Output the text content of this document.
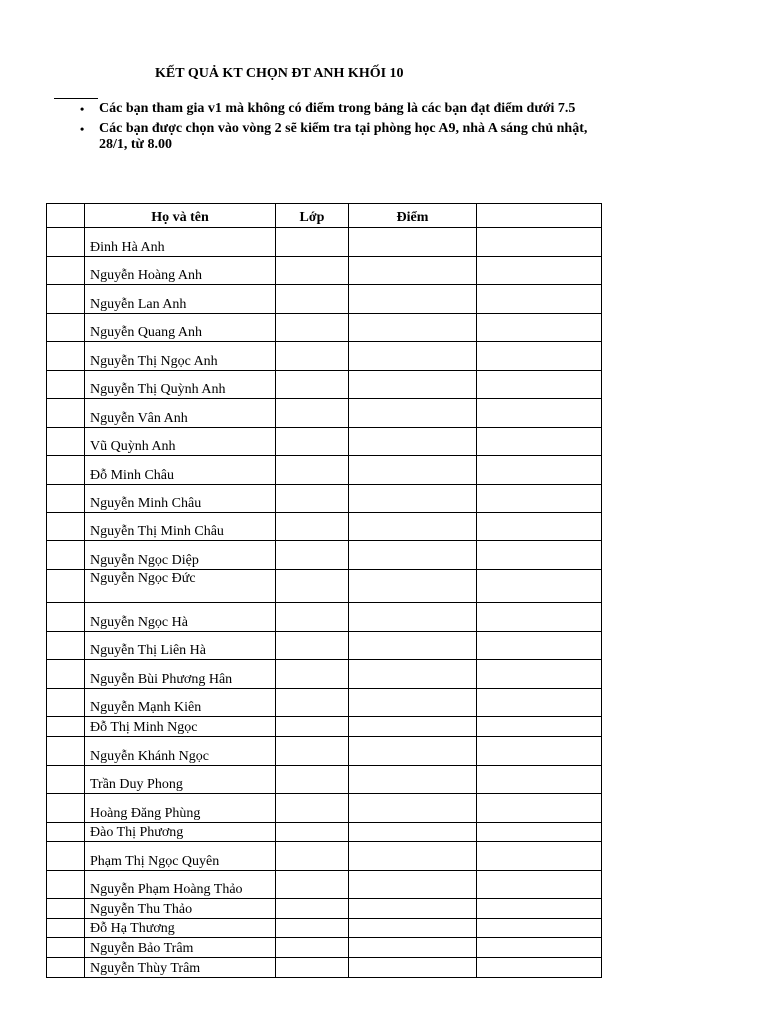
KẾT QUẢ KT CHỌN ĐT ANH KHỐI 10
• Các bạn tham gia v1 mà không có điểm trong bảng là các bạn đạt điểm dưới 7.5
• Các bạn được chọn vào vòng 2 sẽ kiểm tra tại phòng học A9, nhà A sáng chủ nhật, 28/1, từ 8.00
	Họ và tên	Lớp	Điểm	
	Đinh Hà Anh			
	Nguyễn Hoàng Anh			
	Nguyễn Lan Anh			
	Nguyễn Quang Anh			
	Nguyễn Thị Ngọc Anh			
	Nguyễn Thị Quỳnh Anh			
	Nguyễn Vân Anh			
	Vũ Quỳnh Anh			
	Đỗ Minh Châu			
	Nguyễn Minh Châu			
	Nguyễn Thị Minh Châu			
	Nguyễn Ngọc Diệp			
	Nguyễn Ngọc Đức			
	Nguyễn Ngọc Hà			
	Nguyễn Thị Liên Hà			
	Nguyễn Bùi Phương Hân			
	Nguyễn Mạnh Kiên			
	Đỗ Thị Minh Ngọc			
	Nguyễn Khánh Ngọc			
	Trần Duy Phong			
	Hoàng Đăng Phùng			
	Đào Thị Phương			
	Phạm Thị Ngọc Quyên			
	Nguyễn Phạm Hoàng Thảo			
	Nguyễn Thu Thảo			
	Đỗ Hạ Thương			
	Nguyễn Bảo Trâm			
	Nguyễn Thùy Trâm			
